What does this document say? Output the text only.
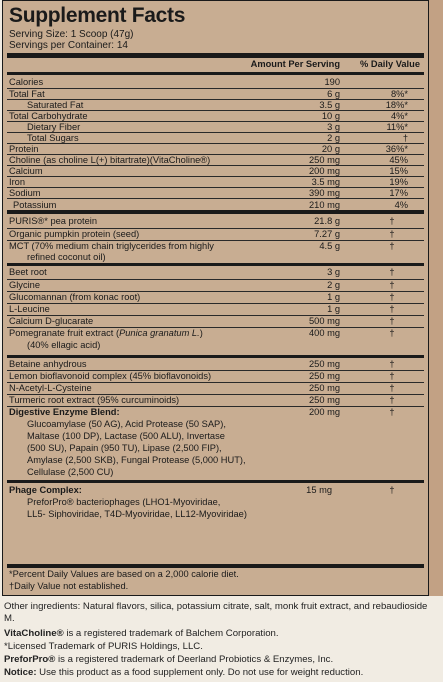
Supplement Facts
Serving Size: 1 Scoop (47g)
Servings per Container: 14
Amount Per Serving % Daily Value
Calories	190
Total Fat	6 g	8%*
Saturated Fat	3.5 g	18%*
Total Carbohydrate	10 g	4%*
Dietary Fiber	3 g	11%*
Total Sugars	2 g	†
Protein	20 g	36%*
Choline (as choline L(+) bitartrate)(VitaCholine®)	250 mg	45%
Calcium	200 mg	15%
Iron	3.5 mg	19%
Sodium	390 mg	17%
Potassium	210 mg	4%
PURIS®* pea protein	21.8 g	†
Organic pumpkin protein (seed)	7.27 g	†
MCT (70% medium chain triglycerides from highly
refined coconut oil)
4.5 g	†
Beet root	3 g	†
Glycine	2 g	†
Glucomannan (from konac root)	1 g	†
L-Leucine	1 g	†
Calcium D-glucarate	500 mg	†
Pomegranate fruit extract (Punica granatum L.)
(40% ellagic acid)
400 mg	†
Betaine anhydrous	250 mg	†
Lemon bioflavonoid complex (45% bioflavonoids)	250 mg	†
N-Acetyl-L-Cysteine	250 mg	†
Turmeric root extract (95% curcuminoids)	250 mg	†
Digestive Enzyme Blend:	200 mg	†
Glucoamylase (50 AG), Acid Protease (50 SAP),
Maltase (100 DP), Lactase (500 ALU), Invertase
(500 SU), Papain (950 TU), Lipase (2,500 FIP),
Amylase (2,500 SKB), Fungal Protease (5,000 HUT),
Cellulase (2,500 CU)
Phage Complex:	15 mg	†
PreforPro® bacteriophages (LHO1-Myoviridae,
LL5- Siphoviridae, T4D-Myoviridae, LL12-Myoviridae)
*Percent Daily Values are based on a 2,000 calorie diet.
†Daily Value not established.
Other ingredients: Natural flavors, silica, potassium citrate, salt, monk fruit extract, and rebaudioside M.
VitaCholine® is a registered trademark of Balchem Corporation.
*Licensed Trademark of PURIS Holdings, LLC.
PreforPro® is a registered trademark of Deerland Probiotics & Enzymes, Inc.
Notice: Use this product as a food supplement only. Do not use for weight reduction.
